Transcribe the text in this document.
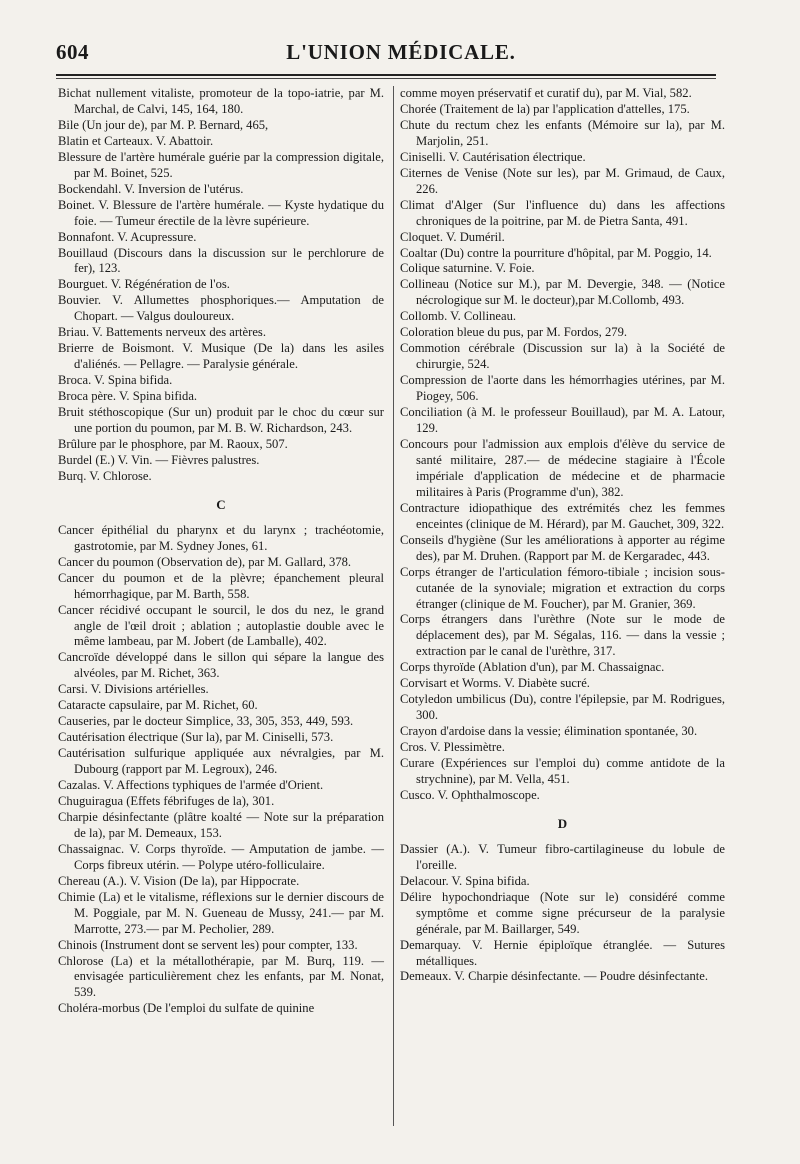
604	L'UNION MÉDICALE.

Bichat nullement vitaliste, promoteur de la topo-iatrie, par M. Marchal, de Calvi, 145, 164, 180.

Bile (Un jour de), par M. P. Bernard, 465,

Blatin et Carteaux. V. Abattoir.

Blessure de l'artère humérale guérie par la compression digitale, par M. Boinet, 525.

Bockendahl. V. Inversion de l'utérus.

Boinet. V. Blessure de l'artère humérale. — Kyste hydatique du foie. — Tumeur érectile de la lèvre supérieure.

Bonnafont. V. Acupressure.

Bouillaud (Discours dans la discussion sur le perchlorure de fer), 123.

Bourguet. V. Régénération de l'os.

Bouvier. V. Allumettes phosphoriques.— Amputation de Chopart. — Valgus douloureux.

Briau. V. Battements nerveux des artères.

Brierre de Boismont. V. Musique (De la) dans les asiles d'aliénés. — Pellagre. — Paralysie générale.

Broca. V. Spina bifida.

Broca père. V. Spina bifida.

Bruit stéthoscopique (Sur un) produit par le choc du cœur sur une portion du poumon, par M. B. W. Richardson, 243.

Brûlure par le phosphore, par M. Raoux, 507.

Burdel (E.) V. Vin. — Fièvres palustres.

Burq. V. Chlorose.

C

Cancer épithélial du pharynx et du larynx ; trachéotomie, gastrotomie, par M. Sydney Jones, 61.

Cancer du poumon (Observation de), par M. Gallard, 378.

Cancer du poumon et de la plèvre; épanchement pleural hémorrhagique, par M. Barth, 558.

Cancer récidivé occupant le sourcil, le dos du nez, le grand angle de l'œil droit ; ablation ; autoplastie double avec le même lambeau, par M. Jobert (de Lamballe), 402.

Cancroïde développé dans le sillon qui sépare la langue des alvéoles, par M. Richet, 363.

Carsi. V. Divisions artérielles.

Cataracte capsulaire, par M. Richet, 60.

Causeries, par le docteur Simplice, 33, 305, 353, 449, 593.

Cautérisation électrique (Sur la), par M. Ciniselli, 573.

Cautérisation sulfurique appliquée aux névralgies, par M. Dubourg (rapport par M. Legroux), 246.

Cazalas. V. Affections typhiques de l'armée d'Orient.

Chuguiragua (Effets fébrifuges de la), 301.

Charpie désinfectante (plâtre koalté — Note sur la préparation de la), par M. Demeaux, 153.

Chassaignac. V. Corps thyroïde. — Amputation de jambe. — Corps fibreux utérin. — Polype utéro-folliculaire.

Chereau (A.). V. Vision (De la), par Hippocrate.

Chimie (La) et le vitalisme, réflexions sur le dernier discours de M. Poggiale, par M. N. Gueneau de Mussy, 241.— par M. Marrotte, 273.— par M. Pecholier, 289.

Chinois (Instrument dont se servent les) pour compter, 133.

Chlorose (La) et la métallothérapie, par M. Burq, 119. — envisagée particulièrement chez les enfants, par M. Nonat, 539.

Choléra-morbus (De l'emploi du sulfate de quinine

comme moyen préservatif et curatif du), par M. Vial, 582.

Chorée (Traitement de la) par l'application d'attelles, 175.

Chute du rectum chez les enfants (Mémoire sur la), par M. Marjolin, 251.

Ciniselli. V. Cautérisation électrique.

Citernes de Venise (Note sur les), par M. Grimaud, de Caux, 226.

Climat d'Alger (Sur l'influence du) dans les affections chroniques de la poitrine, par M. de Pietra Santa, 491.

Cloquet. V. Duméril.

Coaltar (Du) contre la pourriture d'hôpital, par M. Poggio, 14.

Colique saturnine. V. Foie.

Collineau (Notice sur M.), par M. Devergie, 348. — (Notice nécrologique sur M. le docteur),par M.Collomb, 493.

Collomb. V. Collineau.

Coloration bleue du pus, par M. Fordos, 279.

Commotion cérébrale (Discussion sur la) à la Société de chirurgie, 524.

Compression de l'aorte dans les hémorrhagies utérines, par M. Piogey, 506.

Conciliation (à M. le professeur Bouillaud), par M. A. Latour, 129.

Concours pour l'admission aux emplois d'élève du service de santé militaire, 287.— de médecine stagiaire à l'École impériale d'application de médecine et de pharmacie militaires à Paris (Programme d'un), 382.

Contracture idiopathique des extrémités chez les femmes enceintes (clinique de M. Hérard), par M. Gauchet, 309, 322.

Conseils d'hygiène (Sur les améliorations à apporter au régime des), par M. Druhen. (Rapport par M. de Kergaradec, 443.

Corps étranger de l'articulation fémoro-tibiale ; incision sous-cutanée de la synoviale; migration et extraction du corps étranger (clinique de M. Foucher), par M. Granier, 369.

Corps étrangers dans l'urèthre (Note sur le mode de déplacement des), par M. Ségalas, 116. — dans la vessie ; extraction par le canal de l'urèthre, 317.

Corps thyroïde (Ablation d'un), par M. Chassaignac.

Corvisart et Worms. V. Diabète sucré.

Cotyledon umbilicus (Du), contre l'épilepsie, par M. Rodrigues, 300.

Crayon d'ardoise dans la vessie; élimination spontanée, 30.

Cros. V. Plessimètre.

Curare (Expériences sur l'emploi du) comme antidote de la strychnine), par M. Vella, 451.

Cusco. V. Ophthalmoscope.

D

Dassier (A.). V. Tumeur fibro-cartilagineuse du lobule de l'oreille.

Delacour. V. Spina bifida.

Délire hypochondriaque (Note sur le) considéré comme symptôme et comme signe précurseur de la paralysie générale, par M. Baillarger, 549.

Demarquay. V. Hernie épiploïque étranglée. — Sutures métalliques.

Demeaux. V. Charpie désinfectante. — Poudre désinfectante.
